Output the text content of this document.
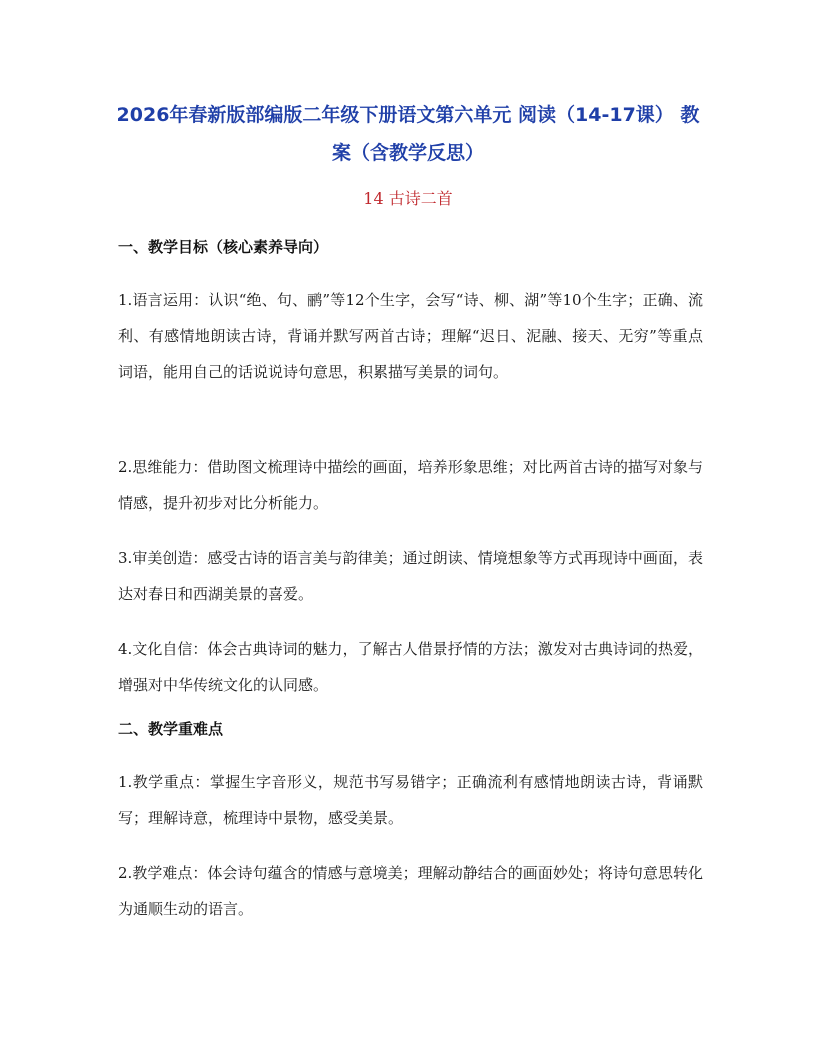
2026年春新版部编版二年级下册语文第六单元 阅读（14-17课） 教案（含教学反思）

14 古诗二首

一、教学目标（核心素养导向）

1.语言运用：认识“绝、句、鹂”等12个生字，会写“诗、柳、湖”等10个生字；正确、流利、有感情地朗读古诗，背诵并默写两首古诗；理解“迟日、泥融、接天、无穷”等重点词语，能用自己的话说说诗句意思，积累描写美景的词句。

2.思维能力：借助图文梳理诗中描绘的画面，培养形象思维；对比两首古诗的描写对象与情感，提升初步对比分析能力。

3.审美创造：感受古诗的语言美与韵律美；通过朗读、情境想象等方式再现诗中画面，表达对春日和西湖美景的喜爱。

4.文化自信：体会古典诗词的魅力，了解古人借景抒情的方法；激发对古典诗词的热爱，增强对中华传统文化的认同感。

二、教学重难点

1.教学重点：掌握生字音形义，规范书写易错字；正确流利有感情地朗读古诗，背诵默写；理解诗意，梳理诗中景物，感受美景。

2.教学难点：体会诗句蕴含的情感与意境美；理解动静结合的画面妙处；将诗句意思转化为通顺生动的语言。
